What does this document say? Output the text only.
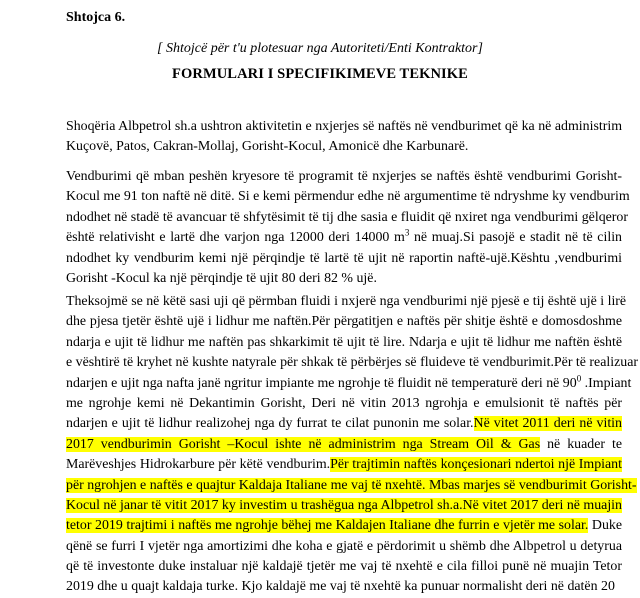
Shtojca 6.
[ Shtojcë për t'u plotesuar nga Autoriteti/Enti Kontraktor]
FORMULARI I SPECIFIKIMEVE TEKNIKE
Shoqëria Albpetrol sh.a ushtron aktivitetin e nxjerjes së naftës në vendburimet që ka në administrim
Kuçovë, Patos, Cakran-Mollaj, Gorisht-Kocul, Amonicë dhe Karbunarë.
Vendburimi që mban peshën kryesore të programit të nxjerjes se naftës është vendburimi Gorisht-
Kocul me 91 ton naftë në ditë. Si e kemi përmendur edhe në argumentime të ndryshme ky vendburim
ndodhet në stadë të avancuar të shfytësimit të tij dhe sasia e fluidit që nxiret nga vendburimi gëlqeror
është relativisht e lartë dhe varjon nga 12000 deri 14000 $m^3$ në muaj.Si pasojë e stadit në të cilin
ndodhet ky vendburim kemi një përqindje të lartë të ujit në raportin naftë-ujë.Kështu ,vendburimi
Gorisht -Kocul ka një përqindje të ujit 80 deri 82 % ujë.
Theksojmë se në këtë sasi uji që përmban fluidi i nxjerë nga vendburimi një pjesë e tij është ujë i lirë
dhe pjesa tjetër është ujë i lidhur me naftën.Për përgatitjen e naftës për shitje është e domosdoshme
ndarja e ujit të lidhur me naftën pas shkarkimit të ujit të lire. Ndarja e ujit të lidhur me naftën është
e vështirë të kryhet në kushte natyrale për shkak të përbërjes së fluideve të vendburimit.Për të realizuar
ndarjen e ujit nga nafta janë ngritur impiante me ngrohje të fluidit në temperaturë deri në $90^0$ .Impiant
me ngrohje kemi në Dekantimin Gorisht, Deri në vitin 2013 ngrohja e emulsionit të naftës për
ndarjen e ujit të lidhur realizohej nga dy furrat te cilat punonin me solar.Në vitet 2011 deri në vitin
2017 vendburimin Gorisht –Kocul ishte në administrim nga Stream Oil & Gas në kuader te
Marëveshjes Hidrokarbure për këtë vendburim.Për trajtimin naftës konçesionari ndertoi një Impiant
për ngrohjen e naftës e quajtur Kaldaja Italiane me vaj të nxehtë. Mbas marjes së vendburimit Gorisht-
Kocul në janar të vitit 2017 ky investim u trashëgua nga Albpetrol sh.a.Në vitet 2017 deri në muajin
tetor 2019 trajtimi i naftës me ngrohje bëhej me Kaldajen Italiane dhe furrin e vjetër me solar. Duke
qënë se furri I vjetër ngа amortizimi dhe koha e gjatë e përdorimit u shëmb dhe Albpetrol u detyrua
që të investonte duke instaluar një kaldajë tjetër me vaj të nxehtë e cila filloi punë në muajin Tetor
2019 dhe u quajt kaldaja turke. Kjo kaldajë me vaj të nxehtë ka punuar normalisht deri në datën 20
